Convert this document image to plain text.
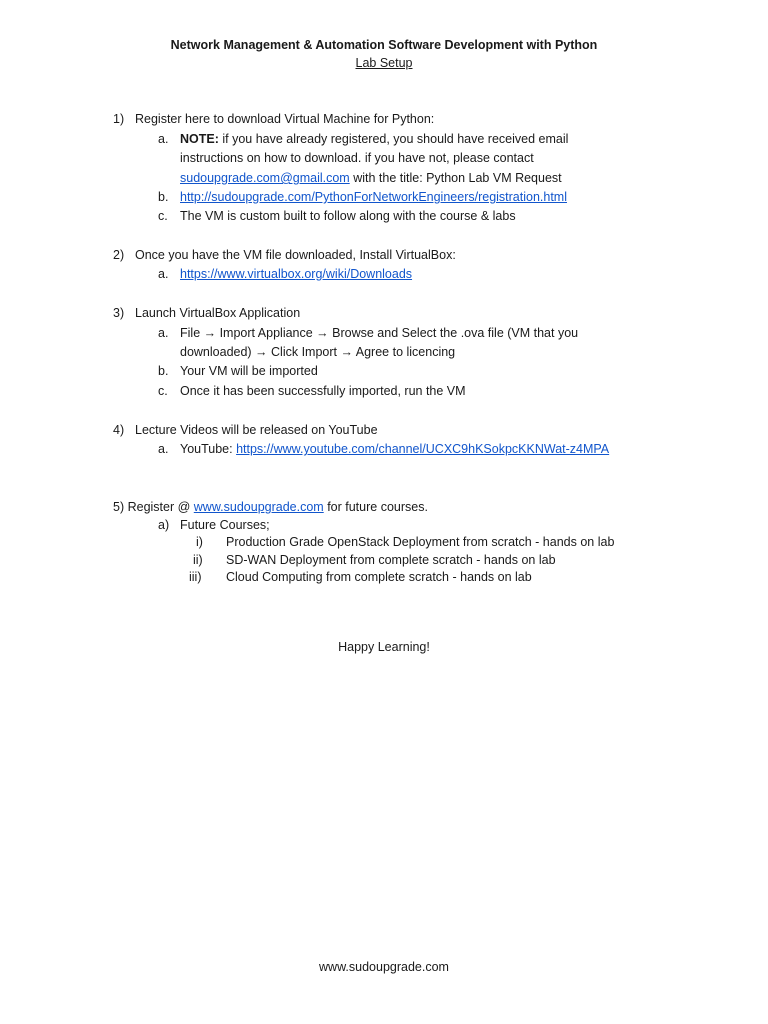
Network Management & Automation Software Development with Python
Lab Setup
1) Register here to download Virtual Machine for Python:
a. NOTE: if you have already registered, you should have received email
instructions on how to download. if you have not, please contact
sudoupgrade.com@gmail.com with the title: Python Lab VM Request
b. http://sudoupgrade.com/PythonForNetworkEngineers/registration.html
c. The VM is custom built to follow along with the course & labs
2) Once you have the VM file downloaded, Install VirtualBox:
a. https://www.virtualbox.org/wiki/Downloads
3) Launch VirtualBox Application
a. File → Import Appliance → Browse and Select the .ova file (VM that you
downloaded) → Click Import → Agree to licencing
b. Your VM will be imported
c. Once it has been successfully imported, run the VM
4) Lecture Videos will be released on YouTube
a. YouTube: https://www.youtube.com/channel/UCXC9hKSokpcKKNWat-z4MPA
5) Register @ www.sudoupgrade.com for future courses.
a) Future Courses;
i) Production Grade OpenStack Deployment from scratch - hands on lab
ii) SD-WAN Deployment from complete scratch - hands on lab
iii) Cloud Computing from complete scratch - hands on lab
Happy Learning!
www.sudoupgrade.com
